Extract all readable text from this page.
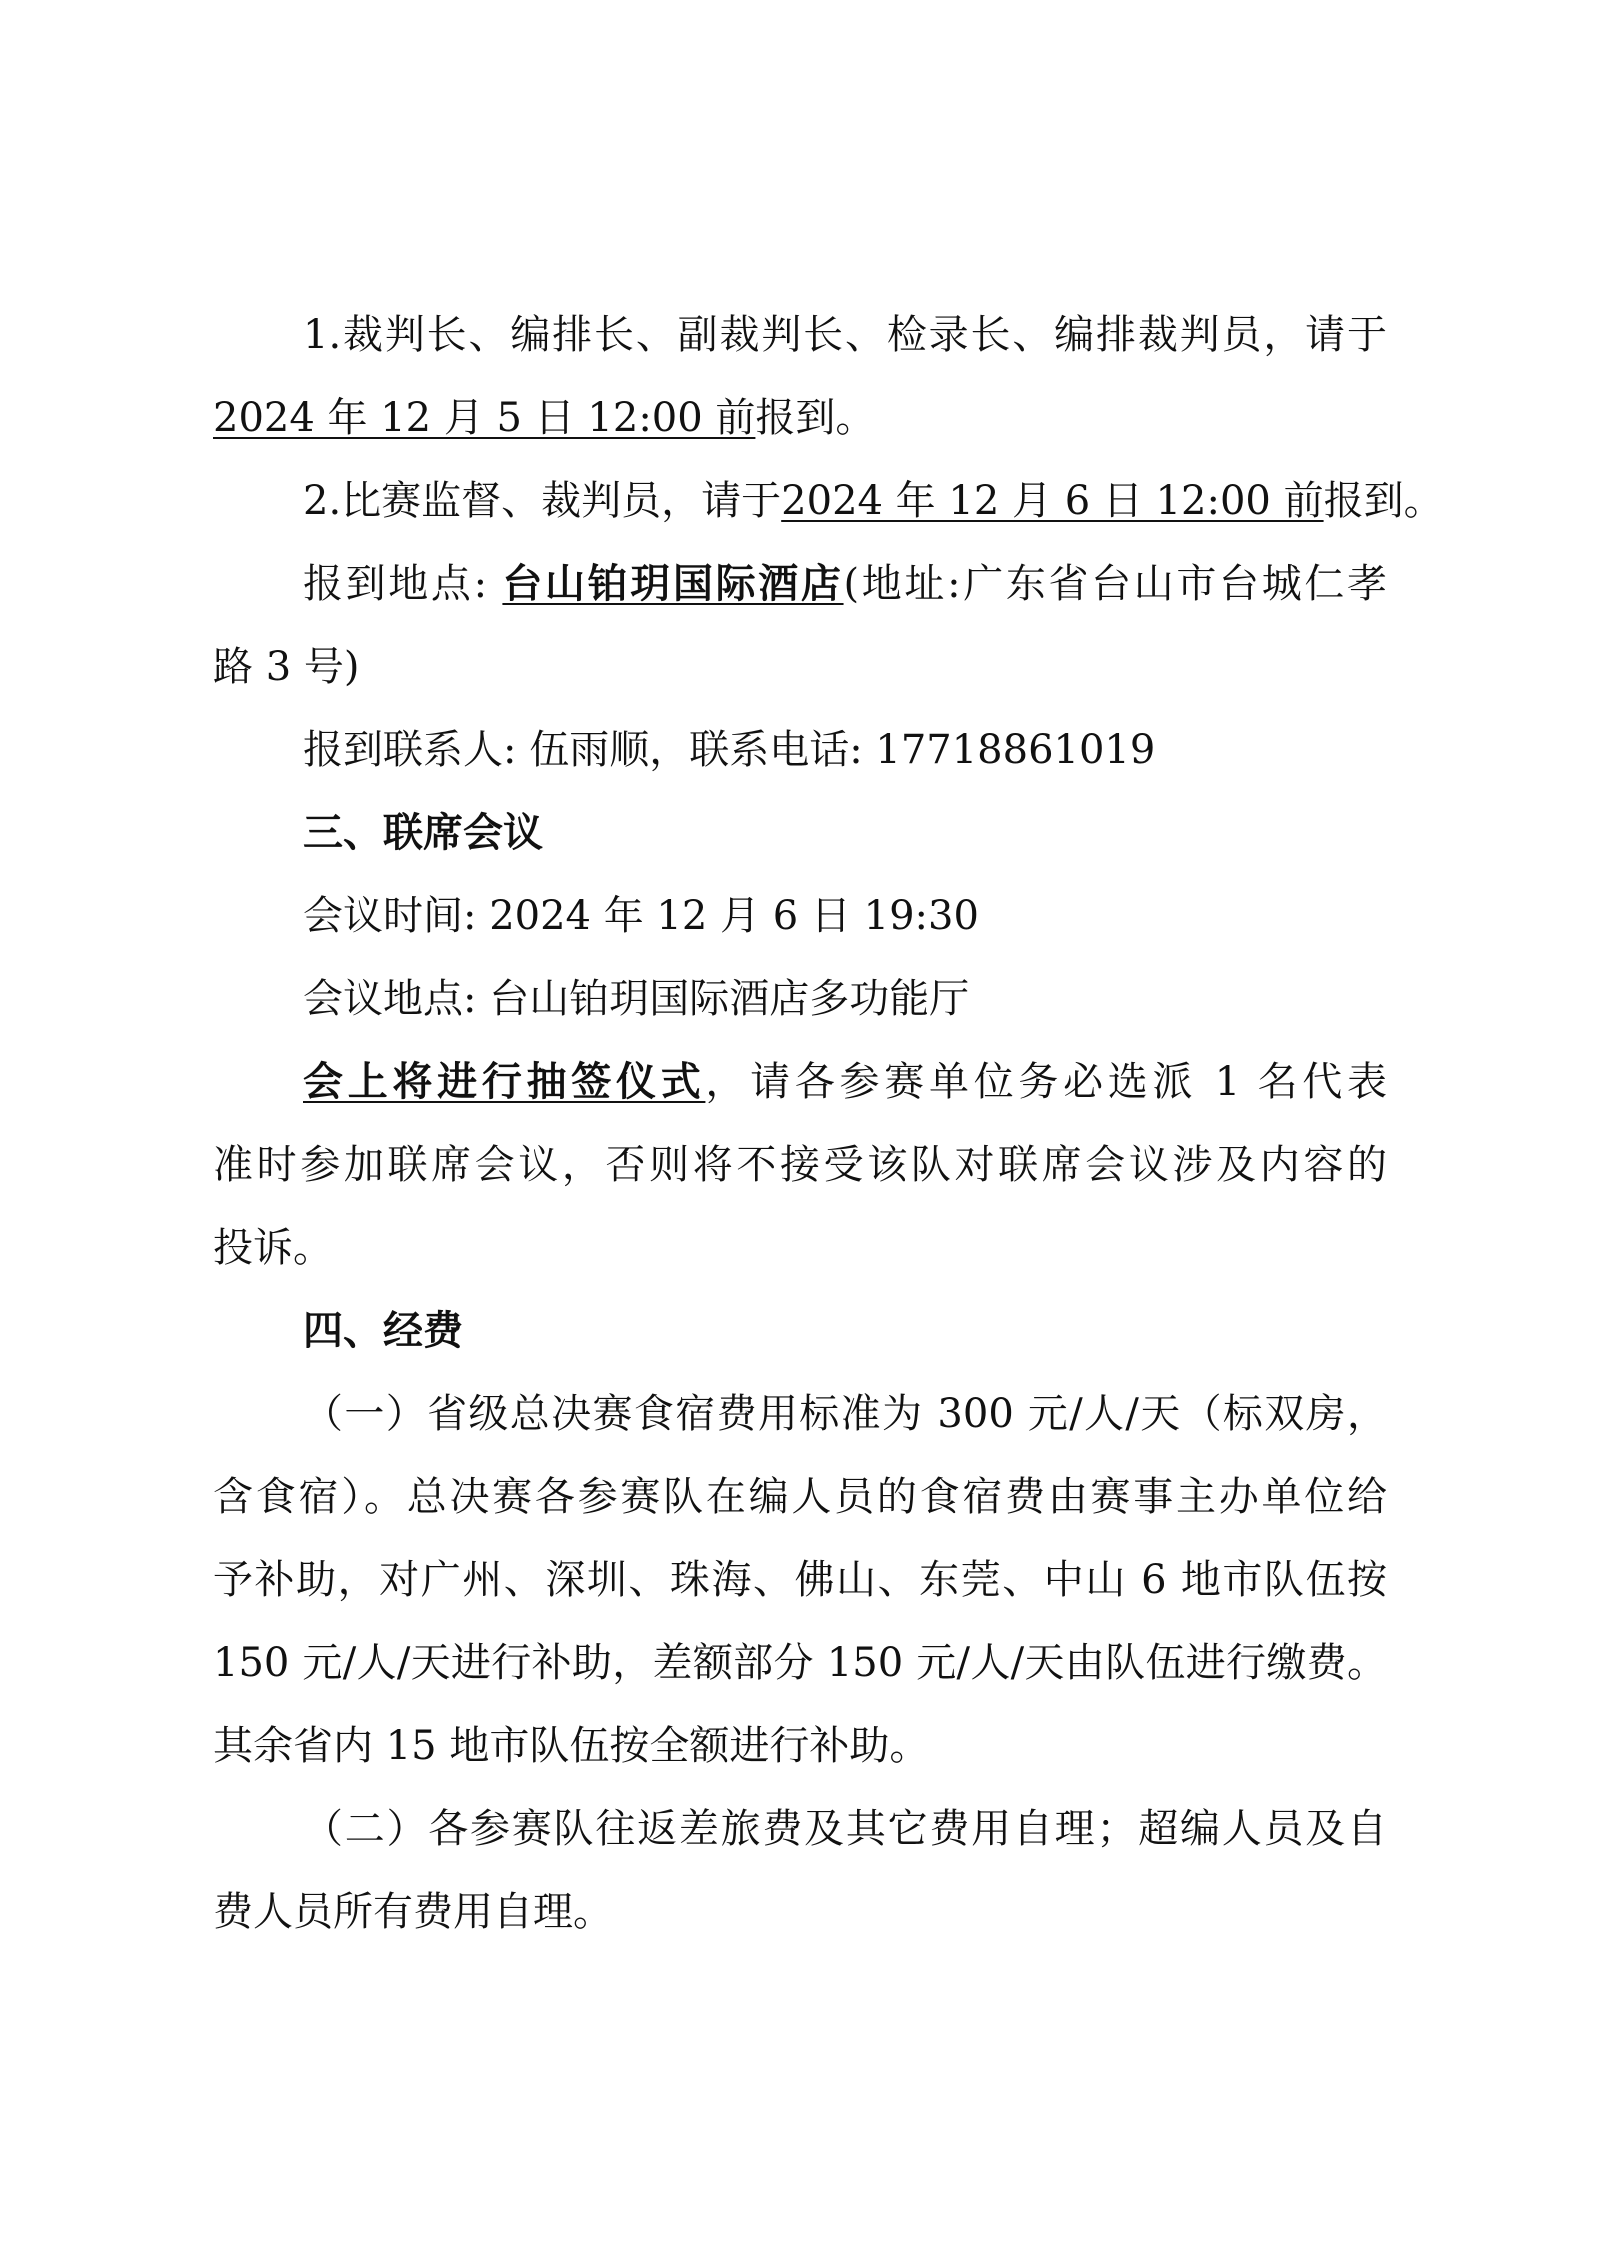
1.裁判长、编排长、副裁判长、检录长、编排裁判员，请于
2024 年 12 月 5 日 12:00 前报到。
2.比赛监督、裁判员，请于2024 年 12 月 6 日 12:00 前报到。
报到地点: 台山铂玥国际酒店(地址:广东省台山市台城仁孝
路 3 号)
报到联系人: 伍雨顺，联系电话: 17718861019
三、联席会议
会议时间: 2024 年 12 月 6 日 19:30
会议地点: 台山铂玥国际酒店多功能厅
会上将进行抽签仪式，请各参赛单位务必选派 1 名代表
准时参加联席会议，否则将不接受该队对联席会议涉及内容的
投诉。
四、经费
（一）省级总决赛食宿费用标准为 300 元/人/天（标双房，
含食宿）。总决赛各参赛队在编人员的食宿费由赛事主办单位给
予补助，对广州、深圳、珠海、佛山、东莞、中山 6 地市队伍按
150 元/人/天进行补助，差额部分 150 元/人/天由队伍进行缴费。
其余省内 15 地市队伍按全额进行补助。
（二）各参赛队往返差旅费及其它费用自理；超编人员及自
费人员所有费用自理。
